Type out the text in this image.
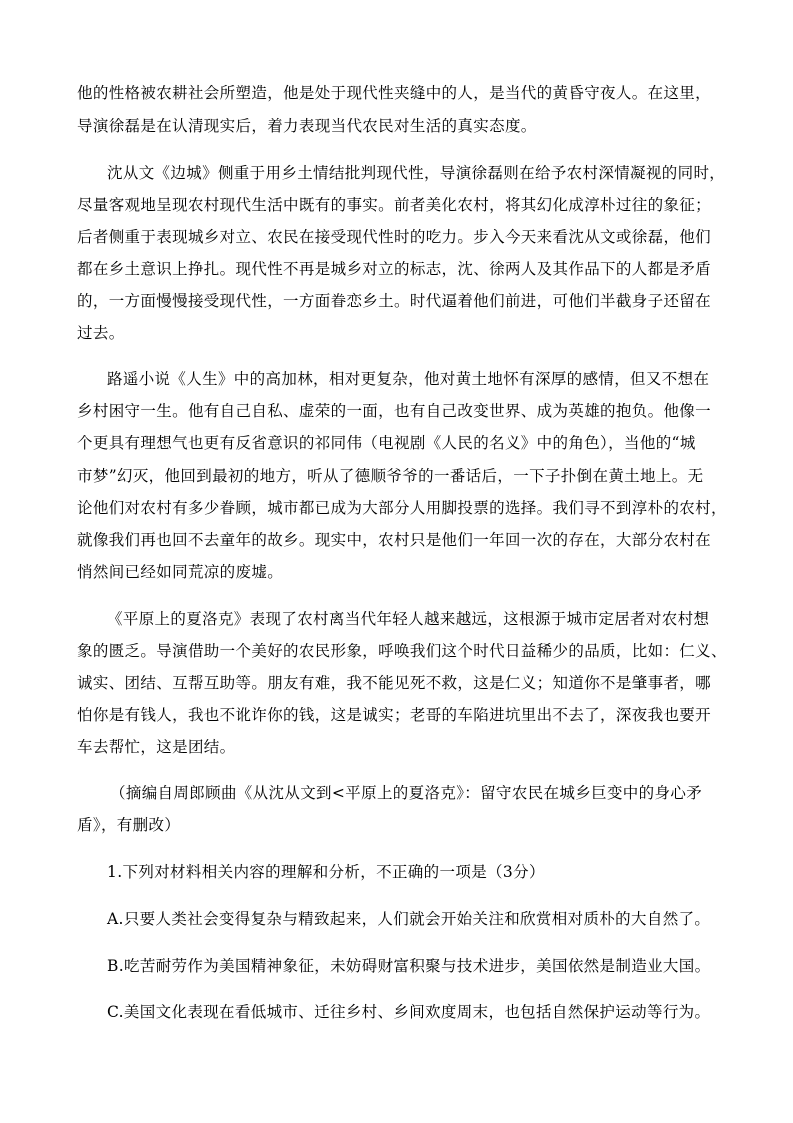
他的性格被农耕社会所塑造，他是处于现代性夹缝中的人，是当代的黄昏守夜人。在这里，
导演徐磊是在认清现实后，着力表现当代农民对生活的真实态度。
沈从文《边城》侧重于用乡土情结批判现代性，导演徐磊则在给予农村深情凝视的同时，
尽量客观地呈现农村现代生活中既有的事实。前者美化农村，将其幻化成淳朴过往的象征；
后者侧重于表现城乡对立、农民在接受现代性时的吃力。步入今天来看沈从文或徐磊，他们
都在乡土意识上挣扎。现代性不再是城乡对立的标志，沈、徐两人及其作品下的人都是矛盾
的，一方面慢慢接受现代性，一方面眷恋乡土。时代逼着他们前进，可他们半截身子还留在
过去。
路遥小说《人生》中的高加林，相对更复杂，他对黄土地怀有深厚的感情，但又不想在
乡村困守一生。他有自己自私、虚荣的一面，也有自己改变世界、成为英雄的抱负。他像一
个更具有理想气也更有反省意识的祁同伟（电视剧《人民的名义》中的角色），当他的“城
市梦”幻灭，他回到最初的地方，听从了德顺爷爷的一番话后，一下子扑倒在黄土地上。无
论他们对农村有多少眷顾，城市都已成为大部分人用脚投票的选择。我们寻不到淳朴的农村，
就像我们再也回不去童年的故乡。现实中，农村只是他们一年回一次的存在，大部分农村在
悄然间已经如同荒凉的废墟。
《平原上的夏洛克》表现了农村离当代年轻人越来越远，这根源于城市定居者对农村想
象的匮乏。导演借助一个美好的农民形象，呼唤我们这个时代日益稀少的品质，比如：仁义、
诚实、团结、互帮互助等。朋友有难，我不能见死不救，这是仁义；知道你不是肇事者，哪
怕你是有钱人，我也不讹诈你的钱，这是诚实；老哥的车陷进坑里出不去了，深夜我也要开
车去帮忙，这是团结。
（摘编自周郎顾曲《从沈从文到<平原上的夏洛克》：留守农民在城乡巨变中的身心矛
盾》，有删改）
1.下列对材料相关内容的理解和分析，不正确的一项是（3分）
A.只要人类社会变得复杂与精致起来，人们就会开始关注和欣赏相对质朴的大自然了。
B.吃苦耐劳作为美国精神象征，未妨碍财富积聚与技术进步，美国依然是制造业大国。
C.美国文化表现在看低城市、迁往乡村、乡间欢度周末，也包括自然保护运动等行为。
